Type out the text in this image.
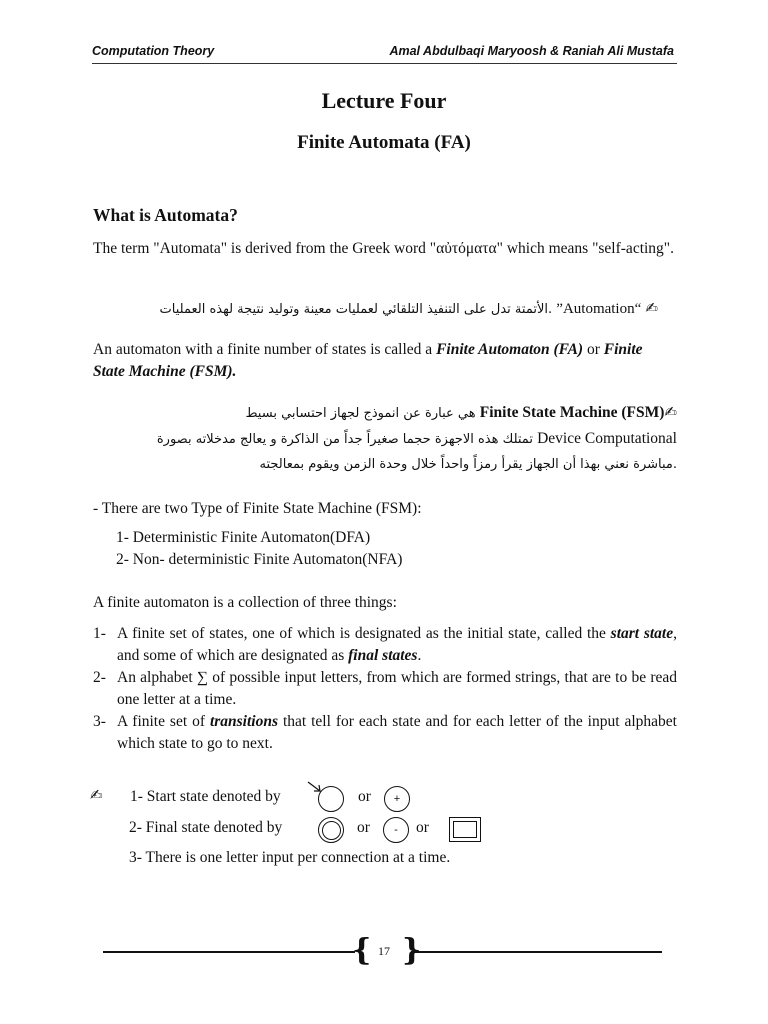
Computation Theory	Amal Abdulbaqi Maryoosh & Raniah Ali Mustafa
Lecture Four
Finite Automata (FA)
What is Automata?
The term "Automata" is derived from the Greek word "αὐτόματα" which means "self-acting".
✍ “Automation” .الأتمتة تدل على التنفيذ التلقائي لعمليات معينة وتوليد نتيجة لهذه العمليات
An automaton with a finite number of states is called a Finite Automaton (FA) or Finite State Machine (FSM).
✍Finite State Machine (FSM) هي عبارة عن انموذج لجهاز احتسابي بسيط
Device Computational تمتلك هذه الاجهزة حجما صغيراً جداً من الذاكرة و يعالج مدخلاته بصورة
.مباشرة نعني بهذا أن الجهاز يقرأ رمزاً واحداً خلال وحدة الزمن ويقوم بمعالجته
- There are two Type of Finite State Machine (FSM):
1- Deterministic Finite Automaton(DFA)
2- Non- deterministic Finite Automaton(NFA)
A finite automaton is a collection of three things:
1- A finite set of states, one of which is designated as the initial state, called the start state, and some of which are designated as final states.
2- An alphabet ∑ of possible input letters, from which are formed strings, that are to be read one letter at a time.
3- A finite set of transitions that tell for each state and for each letter of the input alphabet which state to go to next.
✍ 1- Start state denoted by	or	+
2- Final state denoted by	or	-	or
3- There is one letter input per connection at a time.
{ }
17
